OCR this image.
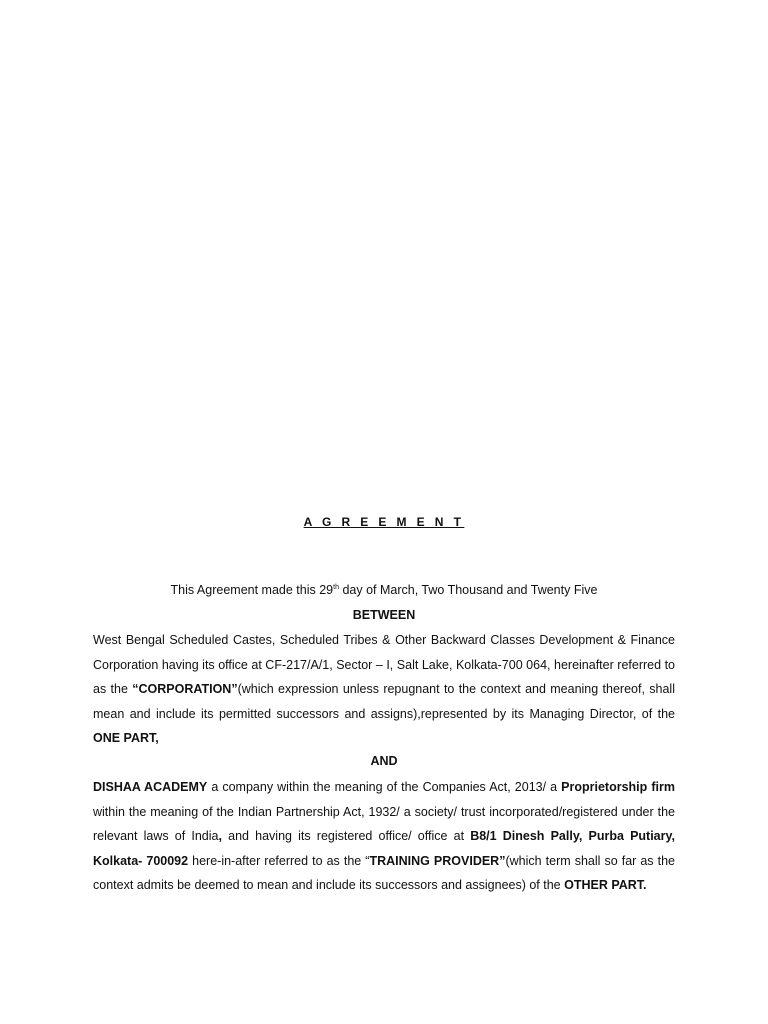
A G R E E M E N T
This Agreement made this 29th day of March, Two Thousand and Twenty Five
BETWEEN
West Bengal Scheduled Castes, Scheduled Tribes & Other Backward Classes Development & Finance Corporation having its office at CF-217/A/1, Sector – I, Salt Lake, Kolkata-700 064, hereinafter referred to as the “CORPORATION”(which expression unless repugnant to the context and meaning thereof, shall mean and include its permitted successors and assigns),represented by its Managing Director, of the ONE PART,
AND
DISHAA ACADEMY a company within the meaning of the Companies Act, 2013/ a Proprietorship firm within the meaning of the Indian Partnership Act, 1932/ a society/ trust incorporated/registered under the relevant laws of India, and having its registered office/ office at B8/1 Dinesh Pally, Purba Putiary, Kolkata- 700092 here-in-after referred to as the “TRAINING PROVIDER”(which term shall so far as the context admits be deemed to mean and include its successors and assignees) of the OTHER PART.
